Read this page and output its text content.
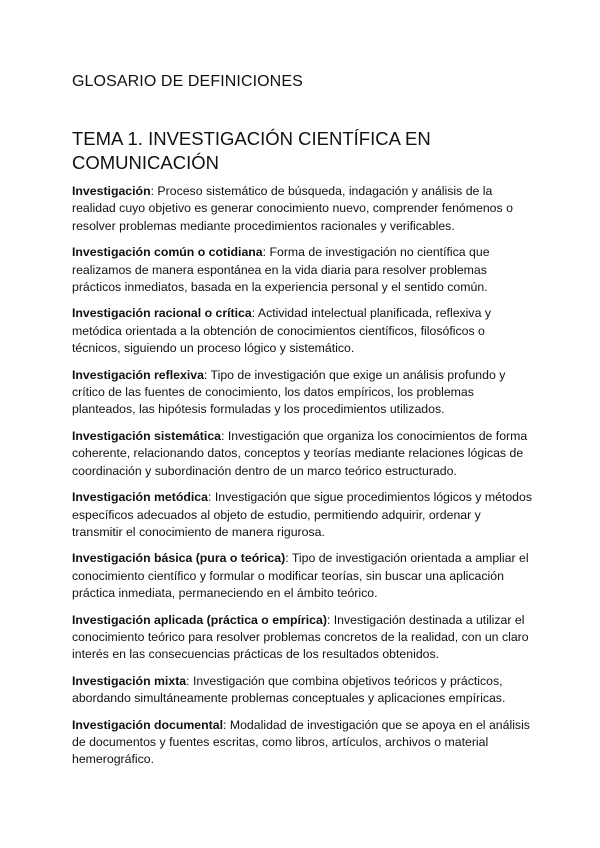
GLOSARIO DE DEFINICIONES
TEMA 1. INVESTIGACIÓN CIENTÍFICA EN COMUNICACIÓN

Investigación: Proceso sistemático de búsqueda, indagación y análisis de la realidad cuyo objetivo es generar conocimiento nuevo, comprender fenómenos o resolver problemas mediante procedimientos racionales y verificables.

Investigación común o cotidiana: Forma de investigación no científica que realizamos de manera espontánea en la vida diaria para resolver problemas prácticos inmediatos, basada en la experiencia personal y el sentido común.

Investigación racional o crítica: Actividad intelectual planificada, reflexiva y metódica orientada a la obtención de conocimientos científicos, filosóficos o técnicos, siguiendo un proceso lógico y sistemático.

Investigación reflexiva: Tipo de investigación que exige un análisis profundo y crítico de las fuentes de conocimiento, los datos empíricos, los problemas planteados, las hipótesis formuladas y los procedimientos utilizados.

Investigación sistemática: Investigación que organiza los conocimientos de forma coherente, relacionando datos, conceptos y teorías mediante relaciones lógicas de coordinación y subordinación dentro de un marco teórico estructurado.

Investigación metódica: Investigación que sigue procedimientos lógicos y métodos específicos adecuados al objeto de estudio, permitiendo adquirir, ordenar y transmitir el conocimiento de manera rigurosa.

Investigación básica (pura o teórica): Tipo de investigación orientada a ampliar el conocimiento científico y formular o modificar teorías, sin buscar una aplicación práctica inmediata, permaneciendo en el ámbito teórico.

Investigación aplicada (práctica o empírica): Investigación destinada a utilizar el conocimiento teórico para resolver problemas concretos de la realidad, con un claro interés en las consecuencias prácticas de los resultados obtenidos.

Investigación mixta: Investigación que combina objetivos teóricos y prácticos, abordando simultáneamente problemas conceptuales y aplicaciones empíricas.

Investigación documental: Modalidad de investigación que se apoya en el análisis de documentos y fuentes escritas, como libros, artículos, archivos o material hemerográfico.
